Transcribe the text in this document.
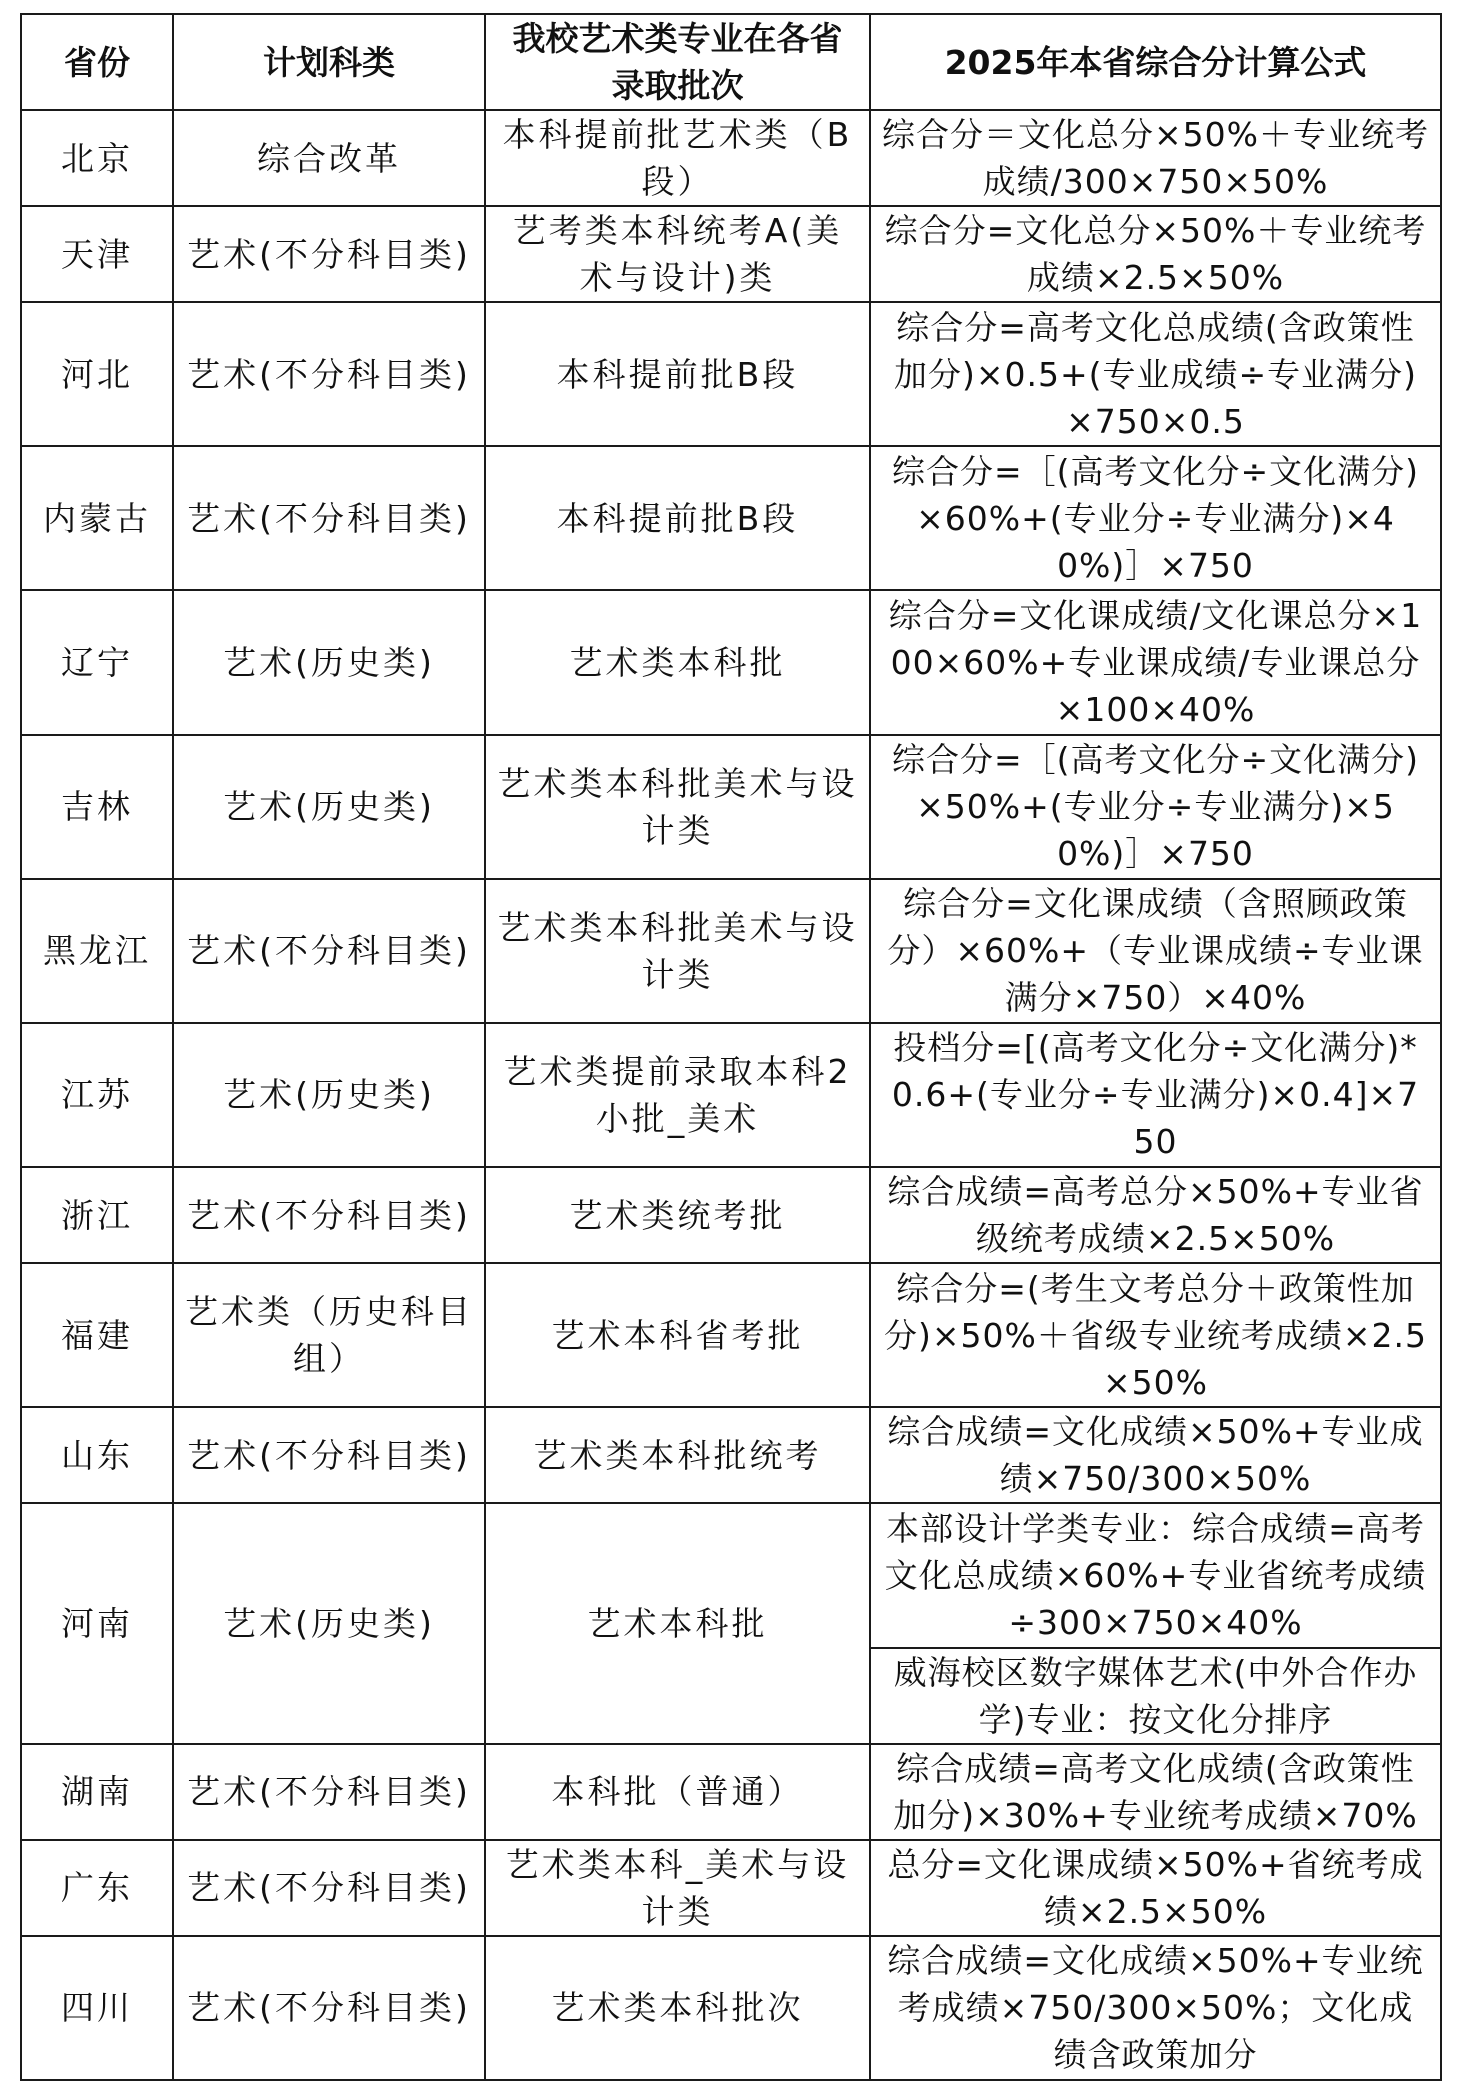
省份	计划科类	我校艺术类专业在各省录取批次	2025年本省综合分计算公式
北京	综合改革	本科提前批艺术类（B段）	综合分＝文化总分×50%＋专业统考成绩/300×750×50%
天津	艺术(不分科目类)	艺考类本科统考A(美术与设计)类	综合分=文化总分×50%＋专业统考成绩×2.5×50%
河北	艺术(不分科目类)	本科提前批B段	综合分=高考文化总成绩(含政策性加分)×0.5+(专业成绩÷专业满分)×750×0.5
内蒙古	艺术(不分科目类)	本科提前批B段	综合分=［(高考文化分÷文化满分)×60%+(专业分÷专业满分)×40%)］×750
辽宁	艺术(历史类)	艺术类本科批	综合分=文化课成绩/文化课总分×100×60%+专业课成绩/专业课总分×100×40%
吉林	艺术(历史类)	艺术类本科批美术与设计类	综合分=［(高考文化分÷文化满分)×50%+(专业分÷专业满分)×50%)］×750
黑龙江	艺术(不分科目类)	艺术类本科批美术与设计类	综合分=文化课成绩（含照顾政策分）×60%+（专业课成绩÷专业课满分×750）×40%
江苏	艺术(历史类)	艺术类提前录取本科2小批_美术	投档分=[(高考文化分÷文化满分)*0.6+(专业分÷专业满分)×0.4]×750
浙江	艺术(不分科目类)	艺术类统考批	综合成绩=高考总分×50%+专业省级统考成绩×2.5×50%
福建	艺术类（历史科目组）	艺术本科省考批	综合分=(考生文考总分＋政策性加分)×50%＋省级专业统考成绩×2.5×50%
山东	艺术(不分科目类)	艺术类本科批统考	综合成绩=文化成绩×50%+专业成绩×750/300×50%
河南	艺术(历史类)	艺术本科批	本部设计学类专业：综合成绩=高考文化总成绩×60%+专业省统考成绩÷300×750×40%
			威海校区数字媒体艺术(中外合作办学)专业：按文化分排序
湖南	艺术(不分科目类)	本科批（普通）	综合成绩=高考文化成绩(含政策性加分)×30%+专业统考成绩×70%
广东	艺术(不分科目类)	艺术类本科_美术与设计类	总分=文化课成绩×50%+省统考成绩×2.5×50%
四川	艺术(不分科目类)	艺术类本科批次	综合成绩=文化成绩×50%+专业统考成绩×750/300×50%；文化成绩含政策加分
